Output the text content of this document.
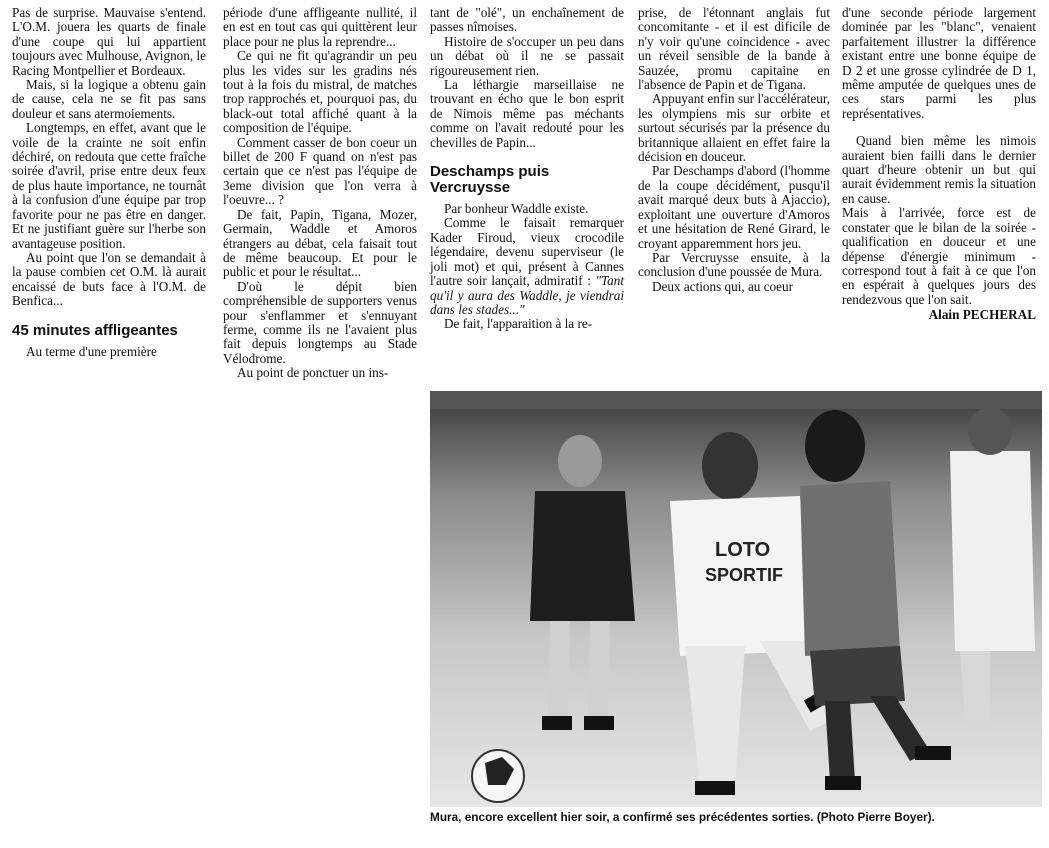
Pas de surprise. Mauvaise s'entend. L'O.M. jouera les quarts de finale d'une coupe qui lui appartient toujours avec Mulhouse, Avignon, le Racing Montpellier et Bordeaux.

Mais, si la logique a obtenu gain de cause, cela ne se fit pas sans douleur et sans atermoiements.

Longtemps, en effet, avant que le voile de la crainte ne soit enfin déchiré, on redouta que cette fraîche soirée d'avril, prise entre deux feux de plus haute importance, ne tournât à la confusion d'une équipe par trop favorite pour ne pas être en danger. Et ne justifiant guère sur l'herbe son avantageuse position.

Au point que l'on se demandait à la pause combien cet O.M. là aurait encaissé de buts face à l'O.M. de Benfica...

45 minutes affligeantes

Au terme d'une première

période d'une affligeante nullité, il en est en tout cas qui quittèrent leur place pour ne plus la reprendre...

Ce qui ne fit qu'agrandir un peu plus les vides sur les gradins nés tout à la fois du mistral, de matches trop rapprochés et, pourquoi pas, du black-out total affiché quant à la composition de l'équipe.

Comment casser de bon coeur un billet de 200 F quand on n'est pas certain que ce n'est pas l'équipe de 3eme division que l'on verra à l'oeuvre... ?

De fait, Papin, Tigana, Mozer, Germain, Waddle et Amoros étrangers au débat, cela faisait tout de même beaucoup. Et pour le public et pour le résultat...

D'où le dépit bien compréhensible de supporters venus pour s'enflammer et s'ennuyant ferme, comme ils ne l'avaient plus fait depuis longtemps au Stade Vélodrome.

Au point de ponctuer un ins-

tant de "olé", un enchaînement de passes nîmoises.

Histoire de s'occuper un peu dans un débat où il ne se passait rigoureusement rien.

La léthargie marseillaise ne trouvant en écho que le bon esprit de Nimois même pas méchants comme on l'avait redouté pour les chevilles de Papin...

Deschamps puis Vercruysse

Par bonheur Waddle existe.

Comme le faisait remarquer Kader Firoud, vieux crocodile légendaire, devenu superviseur (le joli mot) et qui, présent à Cannes l'autre soir lançait, admiratif : "Tant qu'il y aura des Waddle, je viendrai dans les stades..."

De fait, l'apparaition à la re-

prise, de l'étonnant anglais fut concomitante - et il est dificile de n'y voir qu'une coincidence - avec un réveil sensible de la bande à Sauzée, promu capitaine en l'absence de Papin et de Tigana.

Appuyant enfin sur l'accélérateur, les olympiens mis sur orbite et surtout sécurisés par la présence du britannique allaient en effet faire la décision en douceur.

Par Deschamps d'abord (l'homme de la coupe décidément, pusqu'il avait marqué deux buts à Ajaccio), exploitant une ouverture d'Amoros et une hésitation de René Girard, le croyant apparemment hors jeu.

Par Vercruysse ensuite, à la conclusion d'une poussée de Mura.

Deux actions qui, au coeur

d'une seconde période largement dominée par les "blanc", venaient parfaitement illustrer la différence existant entre une bonne équipe de D 2 et une grosse cylindrée de D 1, même amputée de quelques unes de ces stars parmi les plus représentatives.

Quand bien même les nimois auraient bien failli dans le dernier quart d'heure obtenir un but qui aurait évidemment remis la situation en cause.

Mais à l'arrivée, force est de constater que le bilan de la soirée -qualification en douceur et une dépense d'énergie minimum - correspond tout à fait à ce que l'on en espérait à quelques jours des rendezvous que l'on sait.

Alain PECHERAL

LOTO
SPORTIF
Mura, encore excellent hier soir, a confirmé ses précédentes sorties. (Photo Pierre Boyer).
